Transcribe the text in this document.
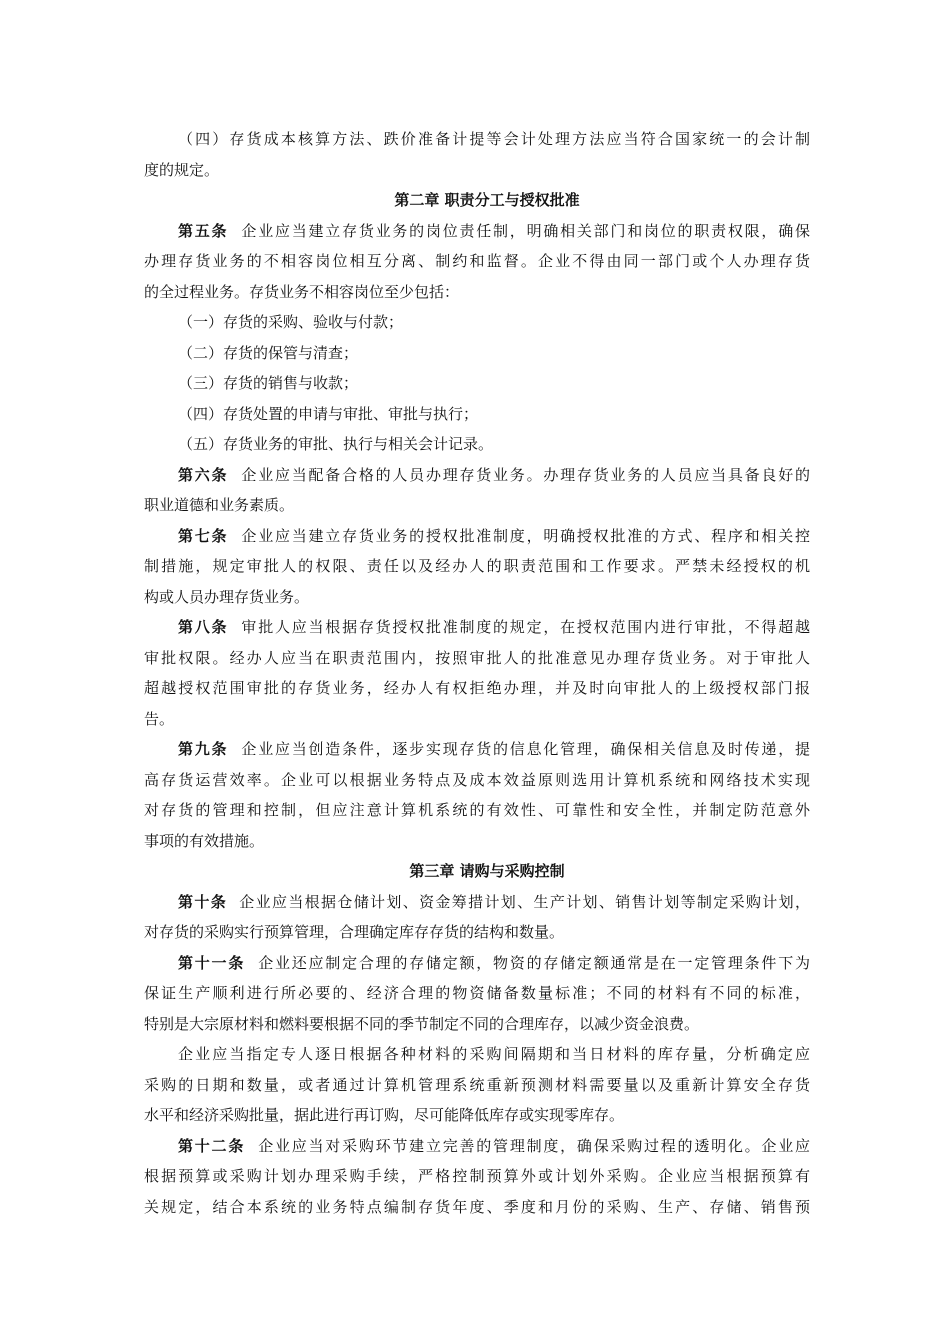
（四）存货成本核算方法、跌价准备计提等会计处理方法应当符合国家统一的会计制
度的规定。
第二章 职责分工与授权批准
第五条 企业应当建立存货业务的岗位责任制，明确相关部门和岗位的职责权限，确保
办理存货业务的不相容岗位相互分离、制约和监督。企业不得由同一部门或个人办理存货
的全过程业务。存货业务不相容岗位至少包括：
（一）存货的采购、验收与付款；
（二）存货的保管与清查；
（三）存货的销售与收款；
（四）存货处置的申请与审批、审批与执行；
（五）存货业务的审批、执行与相关会计记录。
第六条 企业应当配备合格的人员办理存货业务。办理存货业务的人员应当具备良好的
职业道德和业务素质。
第七条 企业应当建立存货业务的授权批准制度，明确授权批准的方式、程序和相关控
制措施，规定审批人的权限、责任以及经办人的职责范围和工作要求。严禁未经授权的机
构或人员办理存货业务。
第八条 审批人应当根据存货授权批准制度的规定，在授权范围内进行审批，不得超越
审批权限。经办人应当在职责范围内，按照审批人的批准意见办理存货业务。对于审批人
超越授权范围审批的存货业务，经办人有权拒绝办理，并及时向审批人的上级授权部门报
告。
第九条 企业应当创造条件，逐步实现存货的信息化管理，确保相关信息及时传递，提
高存货运营效率。企业可以根据业务特点及成本效益原则选用计算机系统和网络技术实现
对存货的管理和控制，但应注意计算机系统的有效性、可靠性和安全性，并制定防范意外
事项的有效措施。
第三章 请购与采购控制
第十条 企业应当根据仓储计划、资金筹措计划、生产计划、销售计划等制定采购计划，
对存货的采购实行预算管理，合理确定库存存货的结构和数量。
第十一条 企业还应制定合理的存储定额，物资的存储定额通常是在一定管理条件下为
保证生产顺利进行所必要的、经济合理的物资储备数量标准；不同的材料有不同的标准，
特别是大宗原材料和燃料要根据不同的季节制定不同的合理库存，以减少资金浪费。
企业应当指定专人逐日根据各种材料的采购间隔期和当日材料的库存量，分析确定应
采购的日期和数量，或者通过计算机管理系统重新预测材料需要量以及重新计算安全存货
水平和经济采购批量，据此进行再订购，尽可能降低库存或实现零库存。
第十二条 企业应当对采购环节建立完善的管理制度，确保采购过程的透明化。企业应
根据预算或采购计划办理采购手续，严格控制预算外或计划外采购。企业应当根据预算有
关规定，结合本系统的业务特点编制存货年度、季度和月份的采购、生产、存储、销售预
